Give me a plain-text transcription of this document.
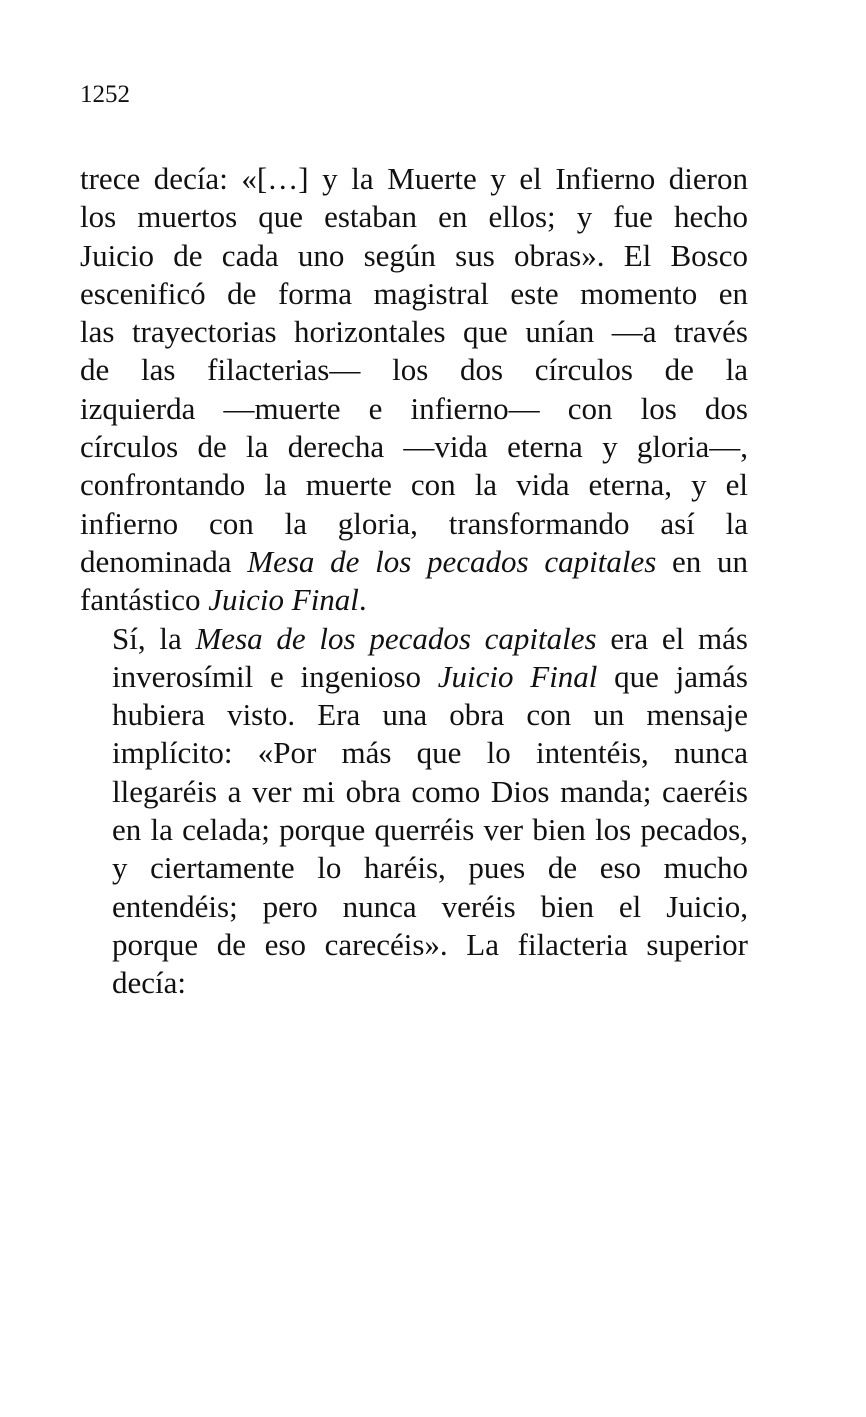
1252

trece decía: «[…] y la Muerte y el Infierno dieron
los muertos que estaban en ellos; y fue hecho
Juicio de cada uno según sus obras». El Bosco
escenificó de forma magistral este momento en
las trayectorias horizontales que unían —a través
de las filacterias— los dos círculos de la
izquierda —muerte e infierno— con los dos
círculos de la derecha —vida eterna y gloria—,
confrontando la muerte con la vida eterna, y el
infierno con la gloria, transformando así la
denominada Mesa de los pecados capitales en un
fantástico Juicio Final.

Sí, la Mesa de los pecados capitales era el más
inverosímil e ingenioso Juicio Final que jamás
hubiera visto. Era una obra con un mensaje
implícito: «Por más que lo intentéis, nunca
llegaréis a ver mi obra como Dios manda; caeréis
en la celada; porque querréis ver bien los pecados,
y ciertamente lo haréis, pues de eso mucho
entendéis; pero nunca veréis bien el Juicio,
porque de eso carecéis». La filacteria superior
decía:
